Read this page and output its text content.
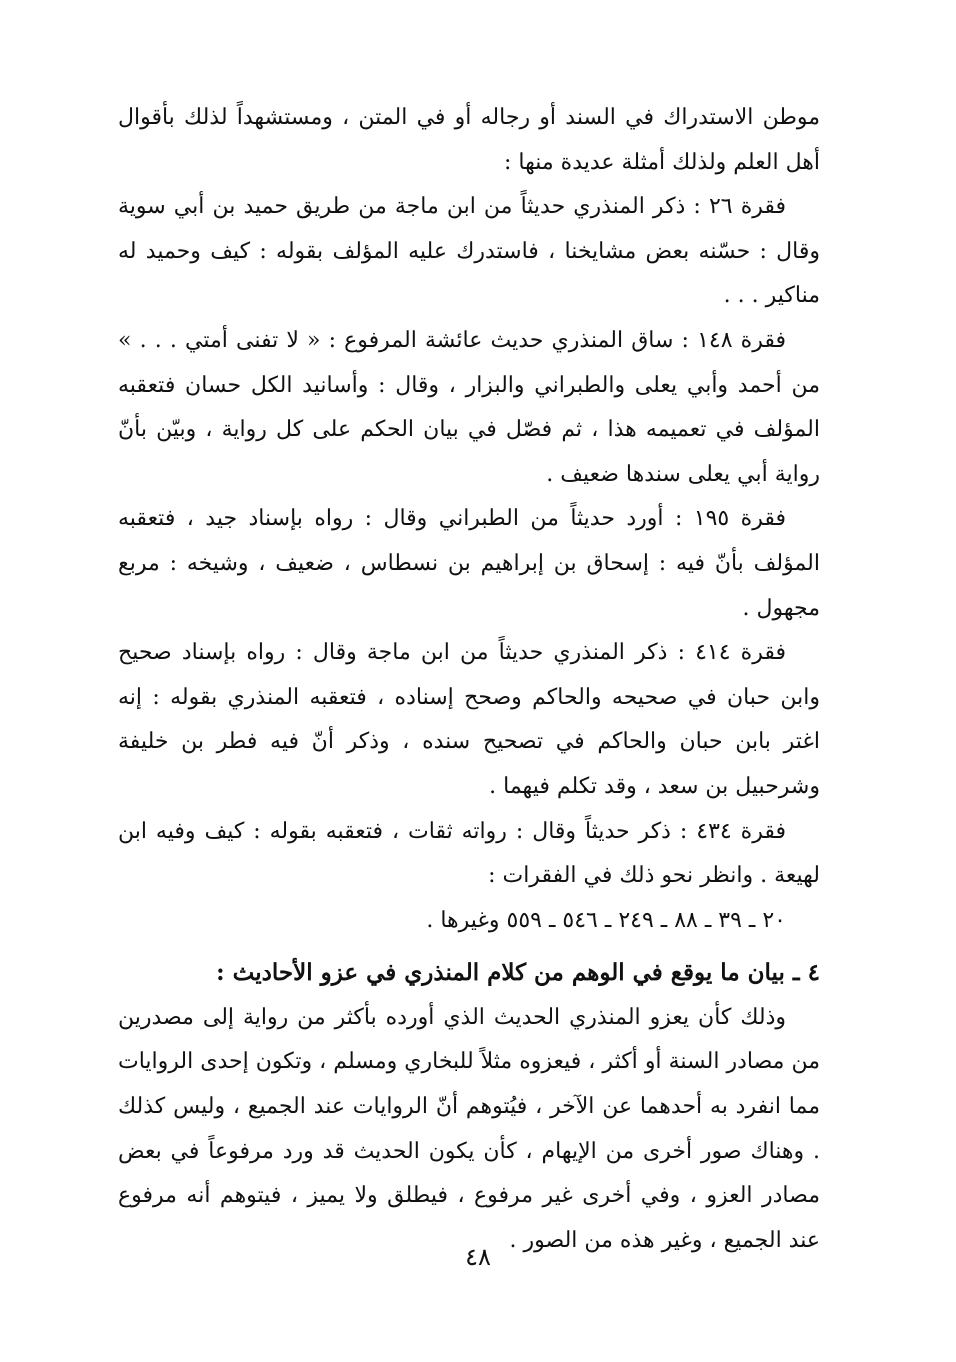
موطن الاستدراك في السند أو رجاله أو في المتن ، ومستشهداً لذلك بأقوال أهل العلم ولذلك أمثلة عديدة منها :

فقرة ٢٦ : ذكر المنذري حديثاً من ابن ماجة من طريق حميد بن أبي سوية وقال : حسّنه بعض مشايخنا ، فاستدرك عليه المؤلف بقوله : كيف وحميد له مناكير . . .

فقرة ١٤٨ : ساق المنذري حديث عائشة المرفوع : « لا تفنى أمتي . . . » من أحمد وأبي يعلى والطبراني والبزار ، وقال : وأسانيد الكل حسان فتعقبه المؤلف في تعميمه هذا ، ثم فصّل في بيان الحكم على كل رواية ، وبيّن بأنّ رواية أبي يعلى سندها ضعيف .

فقرة ١٩٥ : أورد حديثاً من الطبراني وقال : رواه بإسناد جيد ، فتعقبه المؤلف بأنّ فيه : إسحاق بن إبراهيم بن نسطاس ، ضعيف ، وشيخه : مربع مجهول .

فقرة ٤١٤ : ذكر المنذري حديثاً من ابن ماجة وقال : رواه بإسناد صحيح وابن حبان في صحيحه والحاكم وصحح إسناده ، فتعقبه المنذري بقوله : إنه اغتر بابن حبان والحاكم في تصحيح سنده ، وذكر أنّ فيه فطر بن خليفة وشرحبيل بن سعد ، وقد تكلم فيهما .

فقرة ٤٣٤ : ذكر حديثاً وقال : رواته ثقات ، فتعقبه بقوله : كيف وفيه ابن لهيعة . وانظر نحو ذلك في الفقرات :

٢٠ ـ ٣٩ ـ ٨٨ ـ ٢٤٩ ـ ٥٤٦ ـ ٥٥٩ وغيرها .

٤ ـ بيان ما يوقع في الوهم من كلام المنذري في عزو الأحاديث :

وذلك كأن يعزو المنذري الحديث الذي أورده بأكثر من رواية إلى مصدرين من مصادر السنة أو أكثر ، فيعزوه مثلاً للبخاري ومسلم ، وتكون إحدى الروايات مما انفرد به أحدهما عن الآخر ، فيُتوهم أنّ الروايات عند الجميع ، وليس كذلك . وهناك صور أخرى من الإيهام ، كأن يكون الحديث قد ورد مرفوعاً في بعض مصادر العزو ، وفي أخرى غير مرفوع ، فيطلق ولا يميز ، فيتوهم أنه مرفوع عند الجميع ، وغير هذه من الصور .

٤٨
